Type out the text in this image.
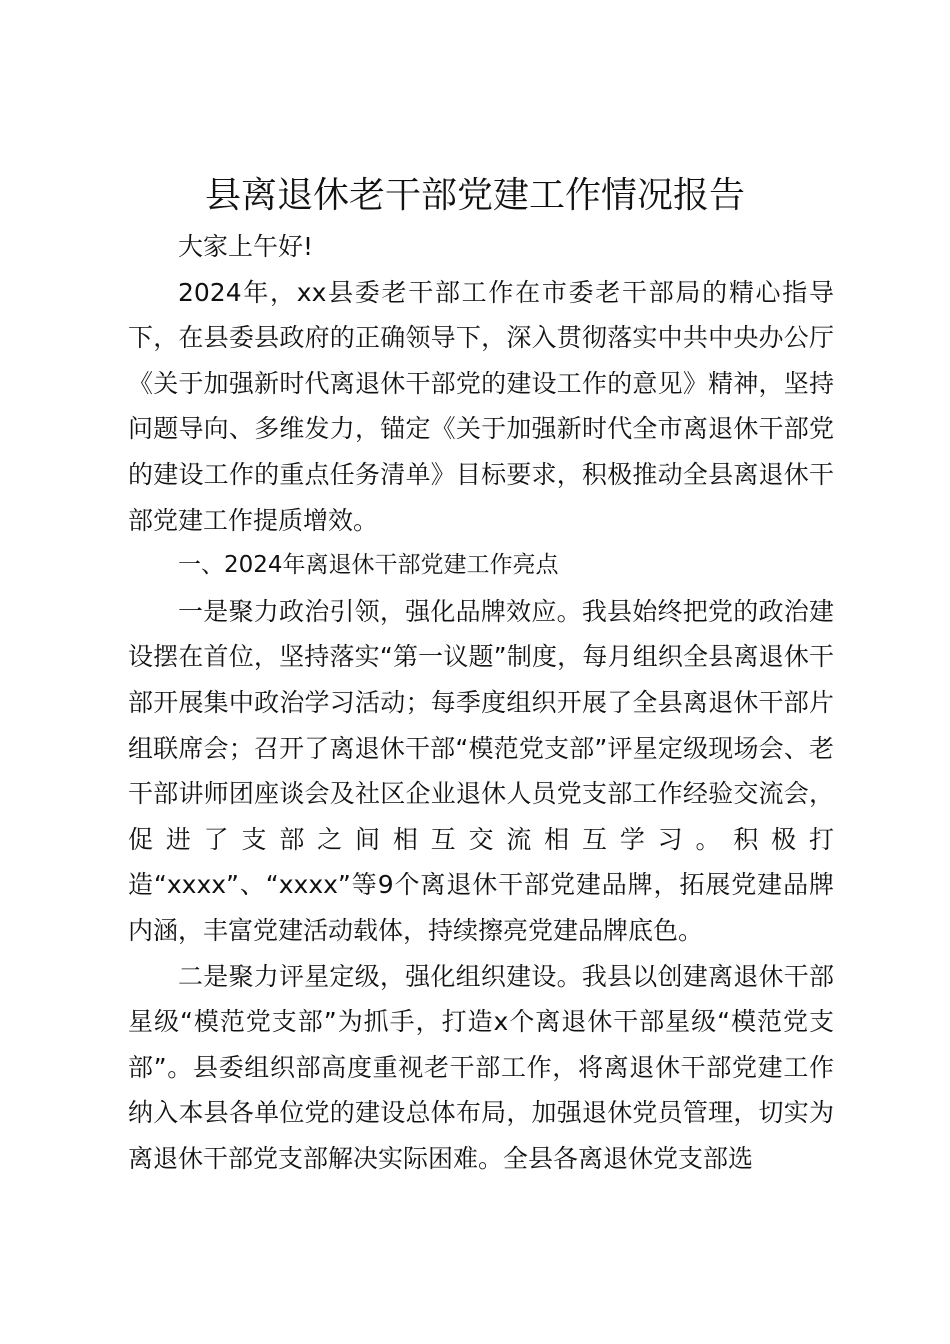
县离退休老干部党建工作情况报告

大家上午好!

2024年，xx县委老干部工作在市委老干部局的精心指导下，在县委县政府的正确领导下，深入贯彻落实中共中央办公厅《关于加强新时代离退休干部党的建设工作的意见》精神，坚持问题导向、多维发力，锚定《关于加强新时代全市离退休干部党的建设工作的重点任务清单》目标要求，积极推动全县离退休干部党建工作提质增效。

一、2024年离退休干部党建工作亮点

一是聚力政治引领，强化品牌效应。我县始终把党的政治建设摆在首位，坚持落实“第一议题”制度，每月组织全县离退休干部开展集中政治学习活动；每季度组织开展了全县离退休干部片组联席会；召开了离退休干部“模范党支部”评星定级现场会、老干部讲师团座谈会及社区企业退休人员党支部工作经验交流会，促进了支部之间相互交流相互学习。积极打造“xxxx”、“xxxx”等9个离退休干部党建品牌，拓展党建品牌内涵，丰富党建活动载体，持续擦亮党建品牌底色。

二是聚力评星定级，强化组织建设。我县以创建离退休干部星级“模范党支部”为抓手，打造x个离退休干部星级“模范党支部”。县委组织部高度重视老干部工作，将离退休干部党建工作纳入本县各单位党的建设总体布局，加强退休党员管理，切实为离退休干部党支部解决实际困难。全县各离退休党支部选
